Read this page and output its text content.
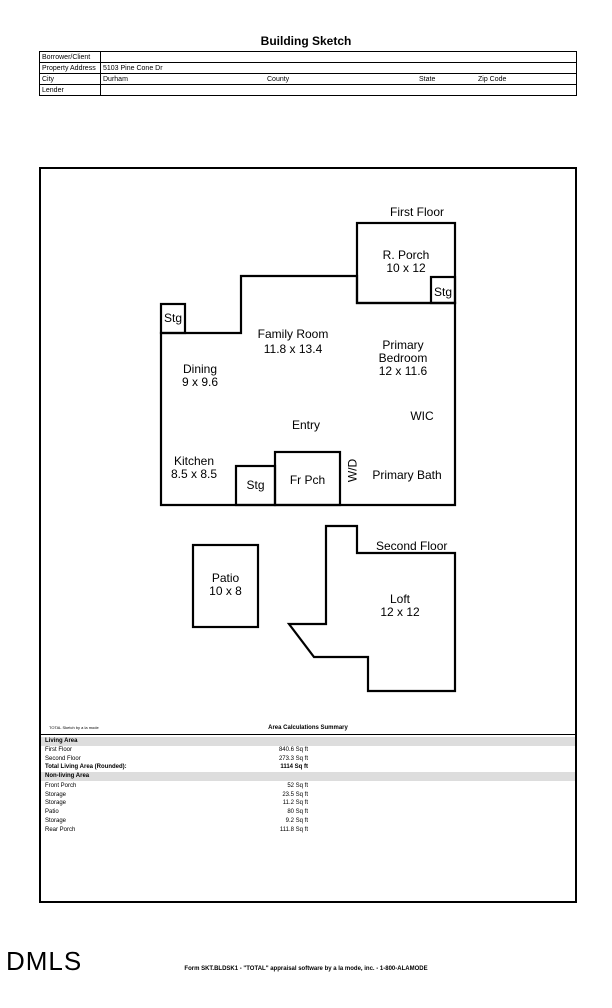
Building Sketch
Borrower/Client					
Property Address	5103 Pine Cone Dr				
City	Durham	County	State	Zip Code	
Lender					
First Floor
Second Floor
R. Porch
10 x 12
Stg
Stg
Family Room
11.8 x 13.4	Primary
Bedroom
12 x 11.6
Dining
9 x 9.6
WIC
Entry
Kitchen
8.5 x 8.5
Stg	Fr Pch	W/D	Primary Bath
Patio
10 x 8
Loft
12 x 12
TOTAL Sketch by a la mode	Area Calculations Summary
Living Area
First Floor	840.6 Sq ft
Second Floor	273.3 Sq ft
Total Living Area (Rounded):	1114 Sq ft
Non-living Area
Front Porch	52 Sq ft
Storage	23.5 Sq ft
Storage	11.2 Sq ft
Patio	80 Sq ft
Storage	9.2 Sq ft
Rear Porch	111.8 Sq ft
DMLS	Form SKT.BLDSK1 - "TOTAL" appraisal software by a la mode, inc. - 1-800-ALAMODE
